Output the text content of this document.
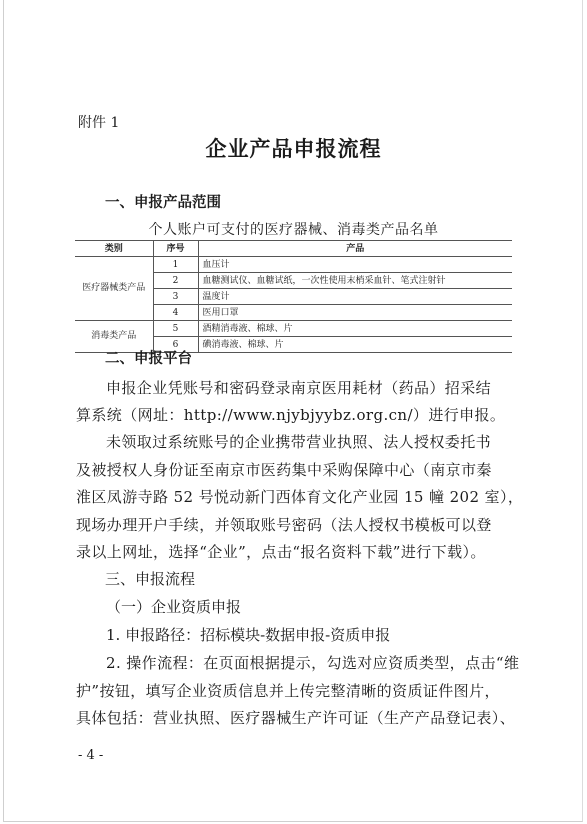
附件 1
企业产品申报流程
一、申报产品范围
个人账户可支付的医疗器械、消毒类产品名单
类别	序号	产品
医疗器械类产品	1	血压计
	2	血糖测试仪、血糖试纸，一次性使用末梢采血针、笔式注射针
	3	温度计
	4	医用口罩
消毒类产品	5	酒精消毒液、棉球、片
	6	碘消毒液、棉球、片
二、申报平台
申报企业凭账号和密码登录南京医用耗材（药品）招采结
算系统（网址：http://www.njybjyybz.org.cn/）进行申报。
未领取过系统账号的企业携带营业执照、法人授权委托书
及被授权人身份证至南京市医药集中采购保障中心（南京市秦
淮区凤游寺路 52 号悦动新门西体育文化产业园 15 幢 202 室），
现场办理开户手续，并领取账号密码（法人授权书模板可以登
录以上网址，选择“企业”，点击“报名资料下载”进行下载）。
三、申报流程
（一）企业资质申报
1. 申报路径：招标模块-数据申报-资质申报
2. 操作流程：在页面根据提示，勾选对应资质类型，点击“维
护”按钮，填写企业资质信息并上传完整清晰的资质证件图片，
具体包括：营业执照、医疗器械生产许可证（生产产品登记表）、
- 4 -
